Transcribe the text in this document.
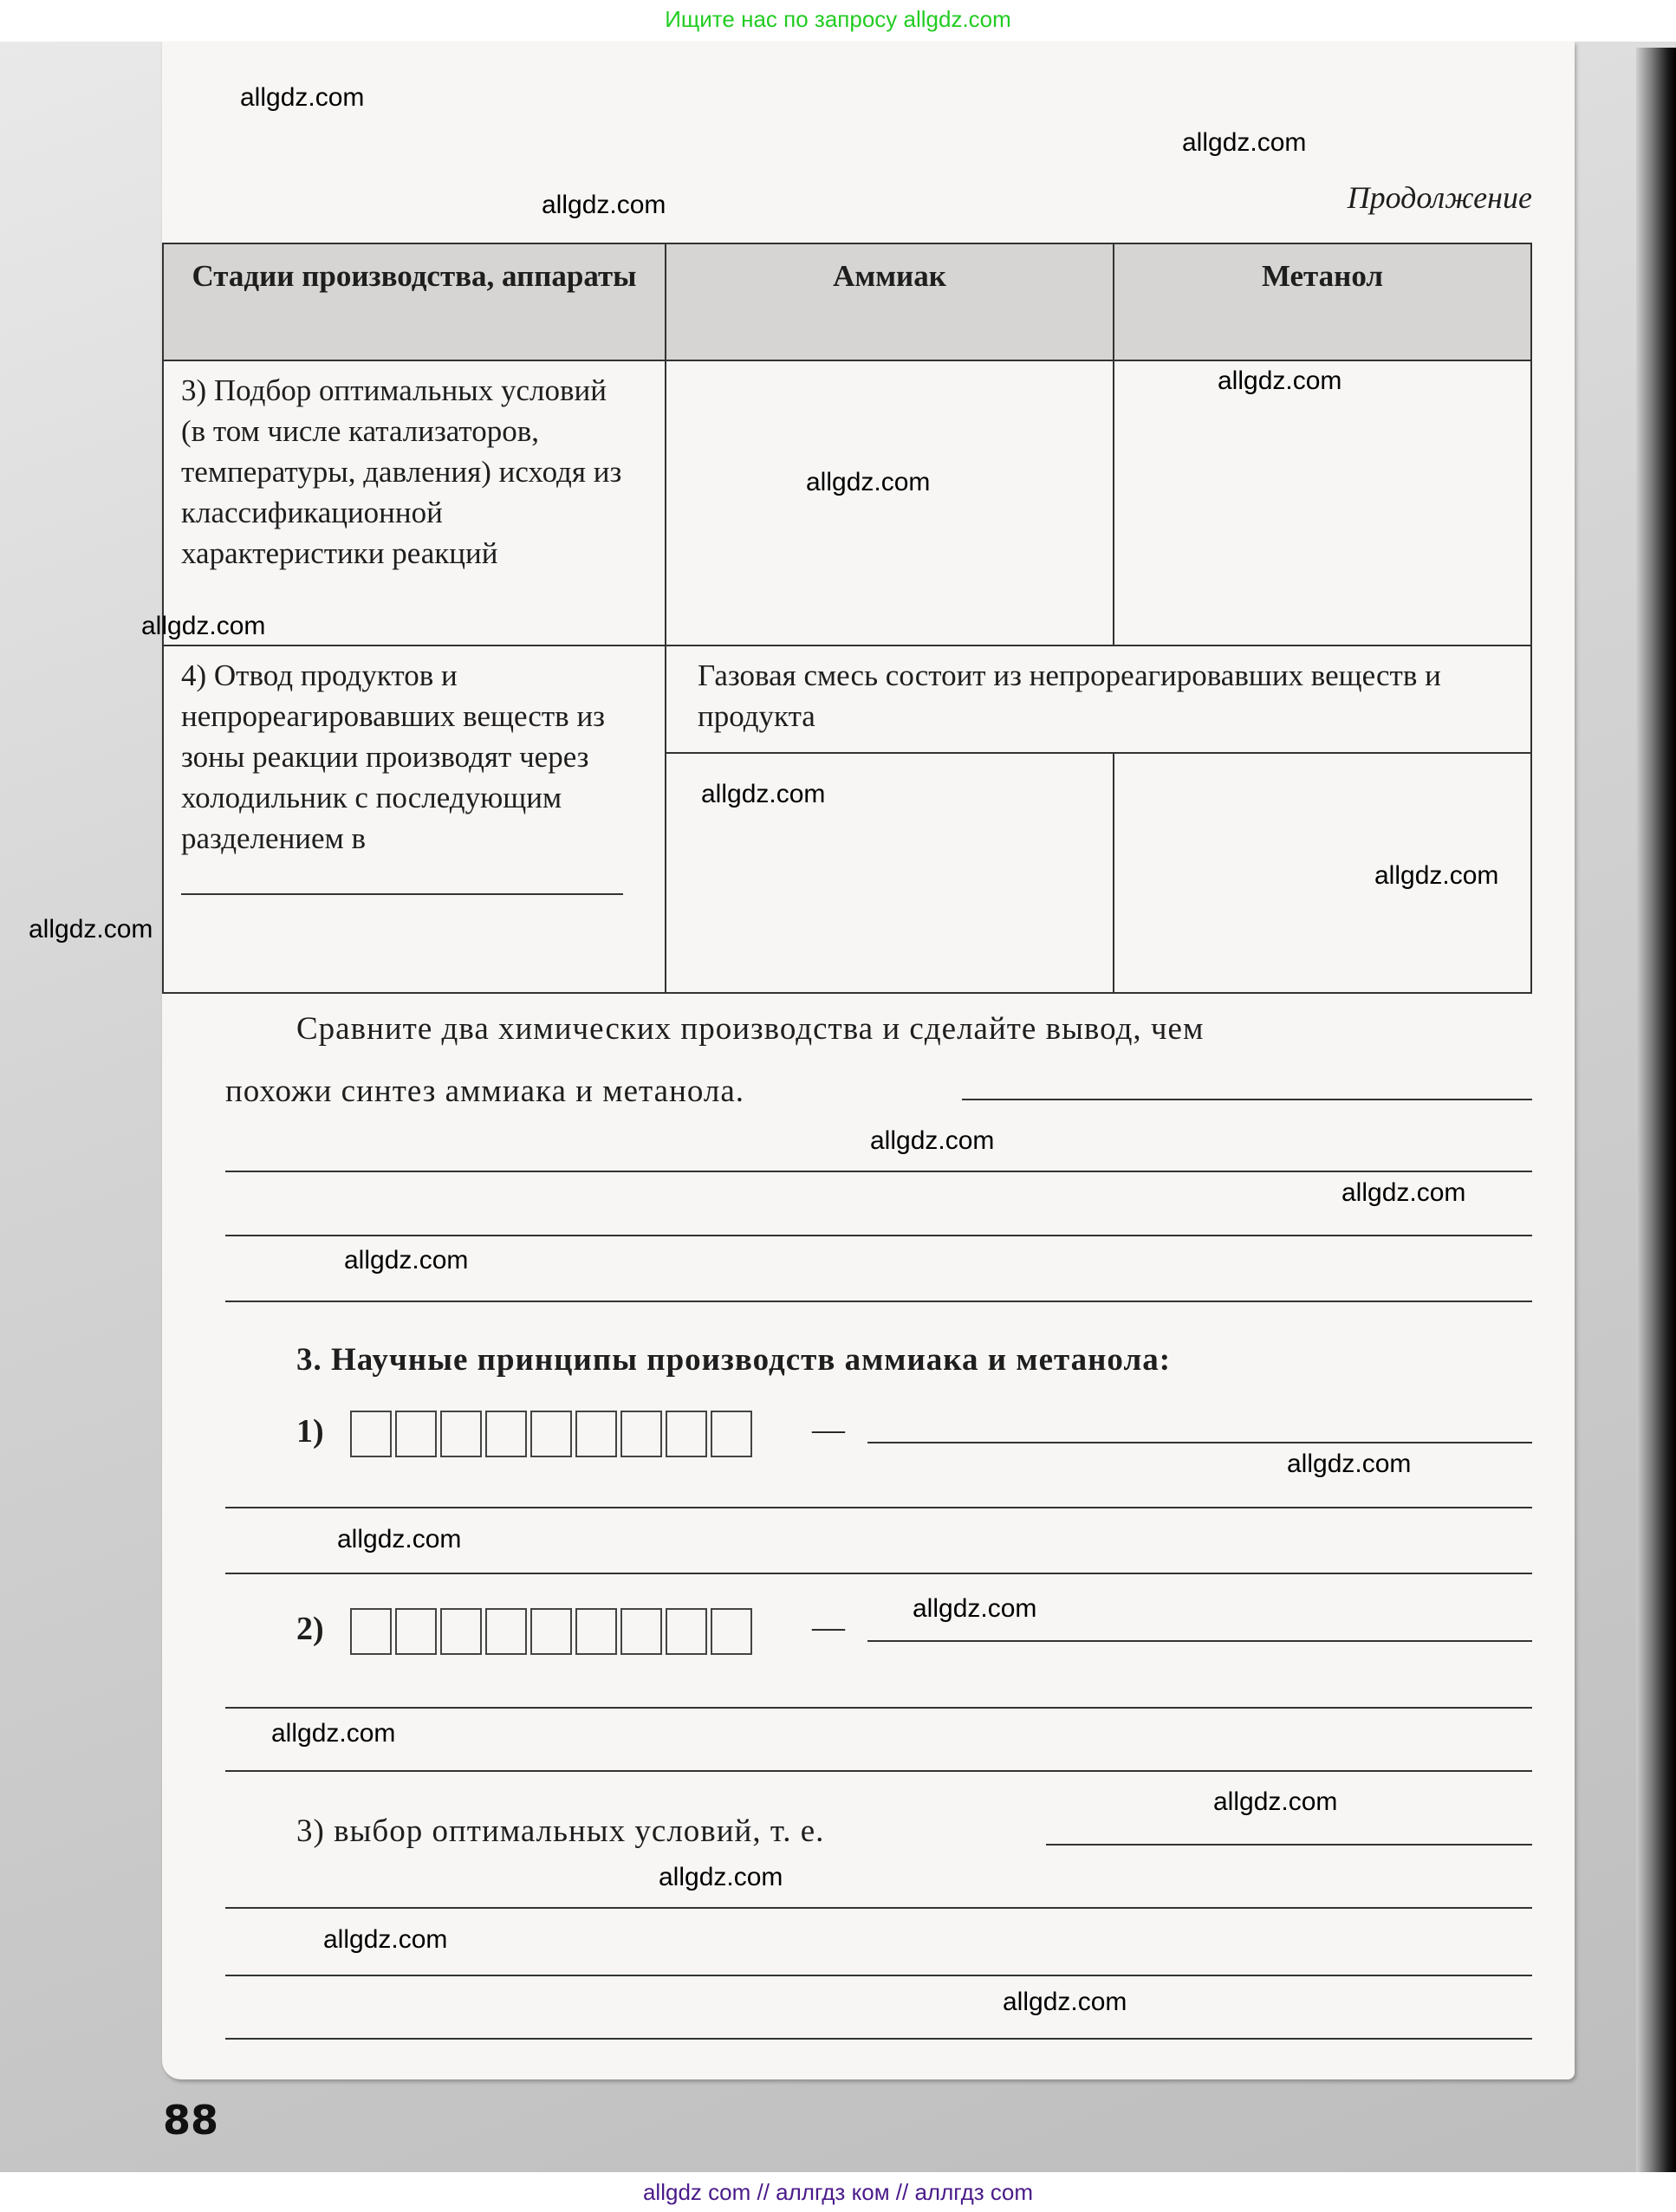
Ищите нас по запросу allgdz.com
Продолжение
Стадии производства, аппараты	Аммиак	Метанол
3) Подбор оптимальных условий (в том числе катализаторов, температуры, давления) исходя из классификационной характеристики реакций		
4) Отвод продуктов и непрореагировавших веществ из зоны реакции производят через холодильник с последующим разделением в	Газовая смесь состоит из непрореагировавших веществ и продукта	

Сравните два химических производства и сделайте вывод, чем
похожи синтез аммиака и метанола.
3. Научные принципы производств аммиака и метанола:
1)	—
2)	—
3) выбор оптимальных условий, т. е.
88
allgdz.com
allgdz.com
allgdz.com
allgdz.com
allgdz.com
allgdz.com
allgdz.com
allgdz.com
allgdz.com
allgdz.com
allgdz.com
allgdz.com
allgdz.com
allgdz.com
allgdz.com
allgdz.com
allgdz.com
allgdz.com
allgdz.com
allgdz.com
allgdz com // аллгдз ком // аллгдз com
